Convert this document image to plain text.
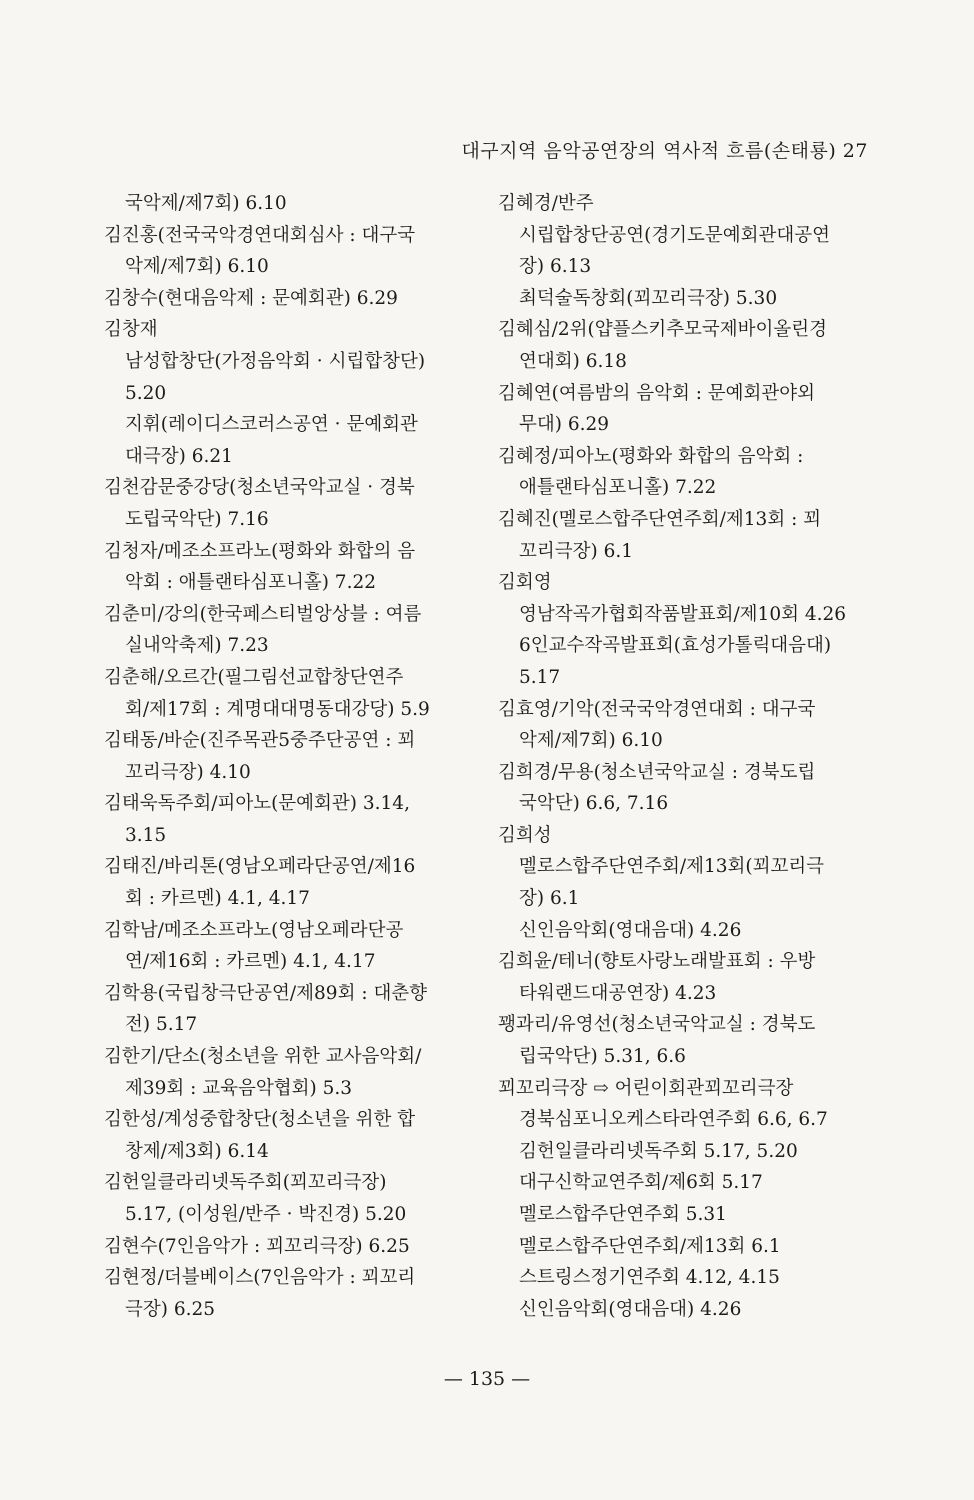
대구지역 음악공연장의 역사적 흐름(손태룡) 27
국악제/제7회) 6.10
김진홍(전국국악경연대회심사 : 대구국
악제/제7회) 6.10
김창수(현대음악제 : 문예회관) 6.29
김창재
남성합창단(가정음악회 · 시립합창단)
5.20
지휘(레이디스코러스공연 · 문예회관
대극장) 6.21
김천감문중강당(청소년국악교실 · 경북
도립국악단) 7.16
김청자/메조소프라노(평화와 화합의 음
악회 : 애틀랜타심포니홀) 7.22
김춘미/강의(한국페스티벌앙상블 : 여름
실내악축제) 7.23
김춘해/오르간(필그림선교합창단연주
회/제17회 : 계명대대명동대강당) 5.9
김태동/바순(진주목관5중주단공연 : 꾀
꼬리극장) 4.10
김태욱독주회/피아노(문예회관) 3.14,
3.15
김태진/바리톤(영남오페라단공연/제16
회 : 카르멘) 4.1, 4.17
김학남/메조소프라노(영남오페라단공
연/제16회 : 카르멘) 4.1, 4.17
김학용(국립창극단공연/제89회 : 대춘향
전) 5.17
김한기/단소(청소년을 위한 교사음악회/
제39회 : 교육음악협회) 5.3
김한성/계성중합창단(청소년을 위한 합
창제/제3회) 6.14
김헌일클라리넷독주회(꾀꼬리극장)
5.17, (이성원/반주 · 박진경) 5.20
김현수(7인음악가 : 꾀꼬리극장) 6.25
김현정/더블베이스(7인음악가 : 꾀꼬리
극장) 6.25
김혜경/반주
시립합창단공연(경기도문예회관대공연
장) 6.13
최덕술독창회(꾀꼬리극장) 5.30
김혜심/2위(얍플스키추모국제바이올린경
연대회) 6.18
김혜연(여름밤의 음악회 : 문예회관야외
무대) 6.29
김혜정/피아노(평화와 화합의 음악회 :
애틀랜타심포니홀) 7.22
김혜진(멜로스합주단연주회/제13회 : 꾀
꼬리극장) 6.1
김회영
영남작곡가협회작품발표회/제10회 4.26
6인교수작곡발표회(효성가톨릭대음대)
5.17
김효영/기악(전국국악경연대회 : 대구국
악제/제7회) 6.10
김희경/무용(청소년국악교실 : 경북도립
국악단) 6.6, 7.16
김희성
멜로스합주단연주회/제13회(꾀꼬리극
장) 6.1
신인음악회(영대음대) 4.26
김희윤/테너(향토사랑노래발표회 : 우방
타워랜드대공연장) 4.23
꽹과리/유영선(청소년국악교실 : 경북도
립국악단) 5.31, 6.6
꾀꼬리극장 ⇨ 어린이회관꾀꼬리극장
경북심포니오케스타라연주회 6.6, 6.7
김헌일클라리넷독주회 5.17, 5.20
대구신학교연주회/제6회 5.17
멜로스합주단연주회 5.31
멜로스합주단연주회/제13회 6.1
스트링스정기연주회 4.12, 4.15
신인음악회(영대음대) 4.26
— 135 —
